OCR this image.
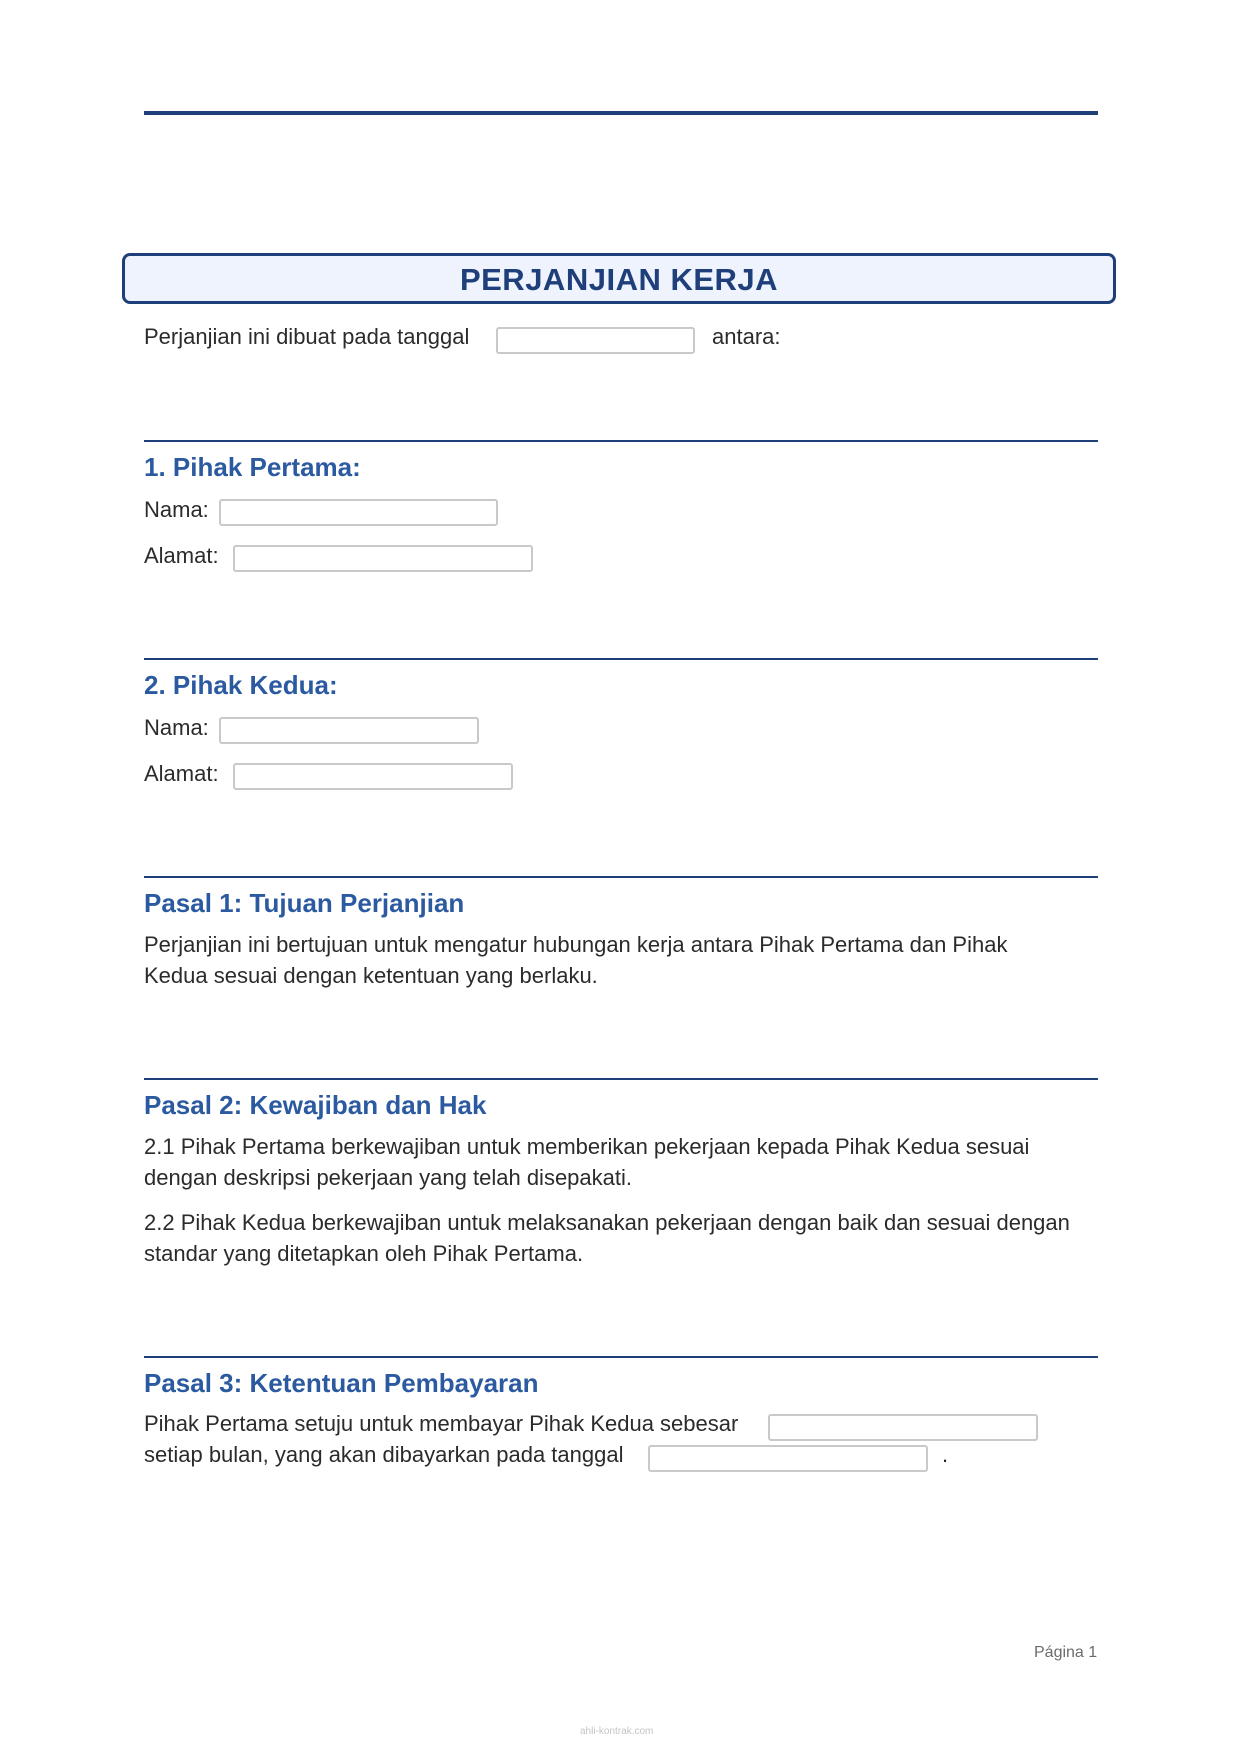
PERJANJIAN KERJA
Perjanjian ini dibuat pada tanggal	antara:
1. Pihak Pertama:
Nama:
Alamat:
2. Pihak Kedua:
Nama:
Alamat:
Pasal 1: Tujuan Perjanjian
Perjanjian ini bertujuan untuk mengatur hubungan kerja antara Pihak Pertama dan Pihak Kedua sesuai dengan ketentuan yang berlaku.
Pasal 2: Kewajiban dan Hak
2.1 Pihak Pertama berkewajiban untuk memberikan pekerjaan kepada Pihak Kedua sesuai dengan deskripsi pekerjaan yang telah disepakati.
2.2 Pihak Kedua berkewajiban untuk melaksanakan pekerjaan dengan baik dan sesuai dengan standar yang ditetapkan oleh Pihak Pertama.
Pasal 3: Ketentuan Pembayaran
Pihak Pertama setuju untuk membayar Pihak Kedua sebesar
setiap bulan, yang akan dibayarkan pada tanggal	.
Página 1
ahli-kontrak.com
